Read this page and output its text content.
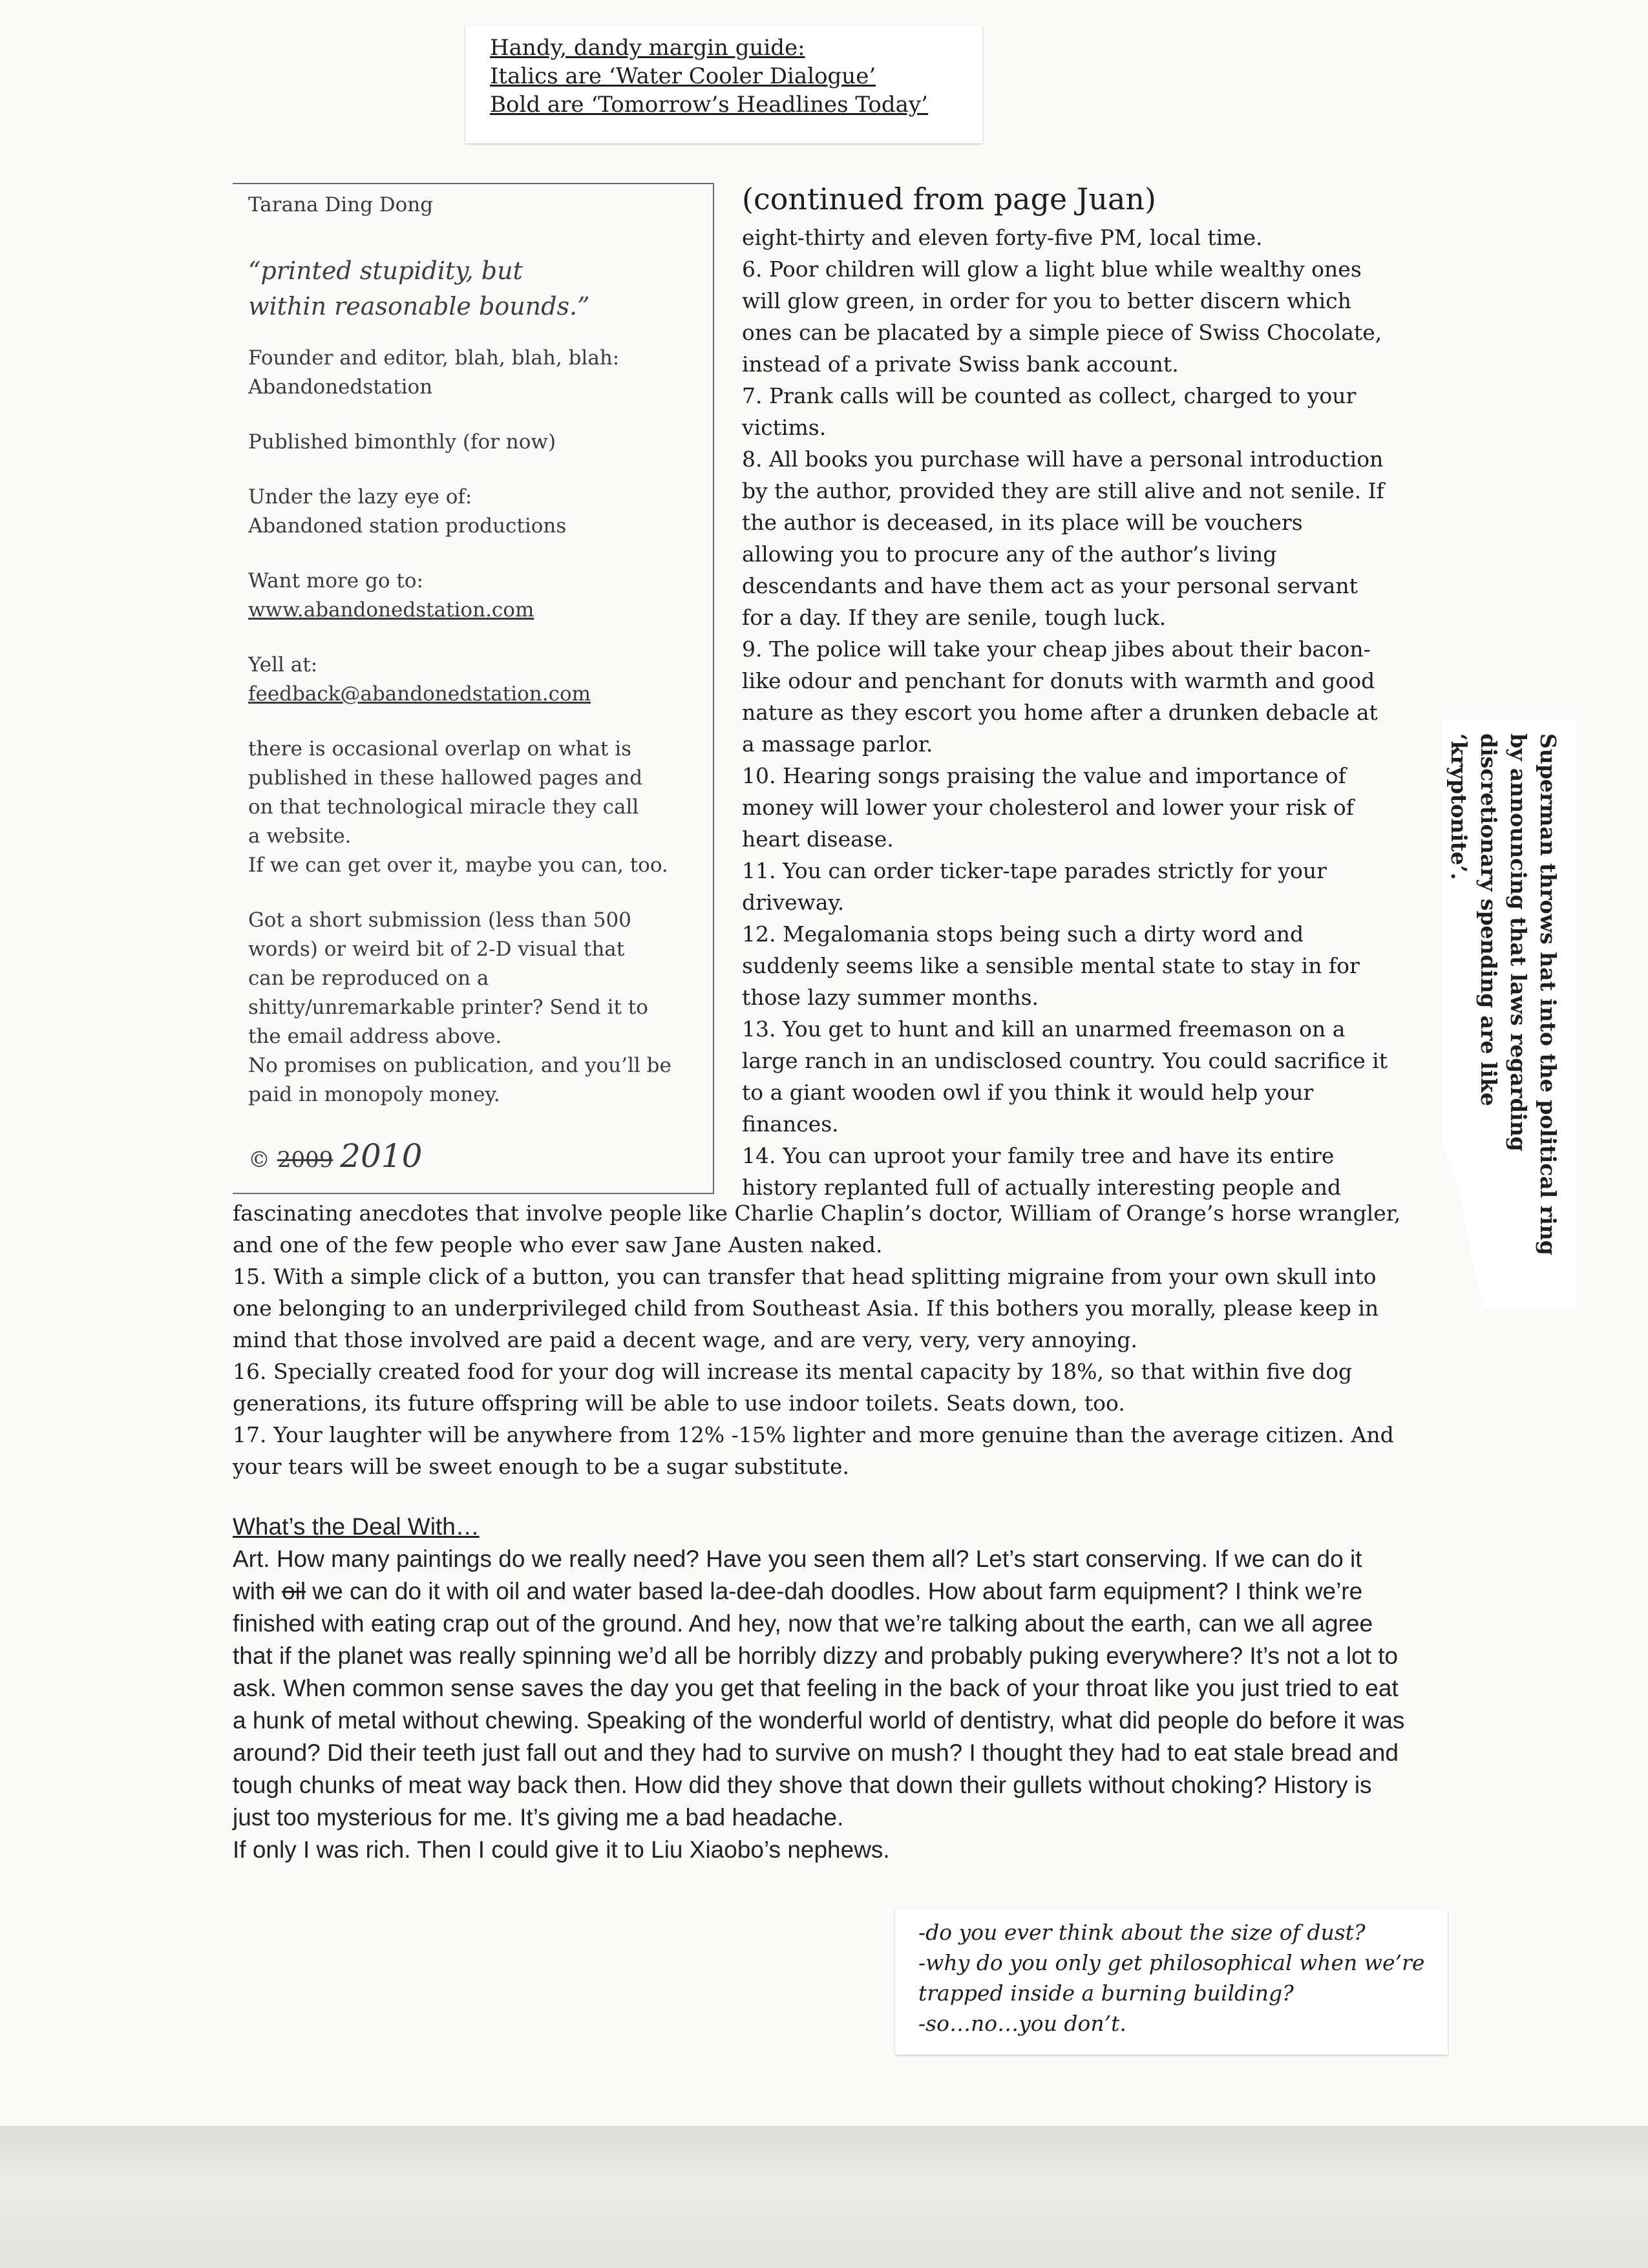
Handy, dandy margin guide:
Italics are ‘Water Cooler Dialogue’
Bold are ‘Tomorrow’s Headlines Today’
Tarana Ding Dong
“printed stupidity, but
within reasonable bounds.”
Founder and editor, blah, blah, blah:
Abandonedstation
Published bimonthly (for now)
Under the lazy eye of:
Abandoned station productions
Want more go to:
www.abandonedstation.com
Yell at:
feedback@abandonedstation.com
there is occasional overlap on what is
published in these hallowed pages and
on that technological miracle they call
a website.
If we can get over it, maybe you can, too.
Got a short submission (less than 500
words) or weird bit of 2-D visual that
can be reproduced on a
shitty/unremarkable printer? Send it to
the email address above.
No promises on publication, and you’ll be
paid in monopoly money.
© 2009 2010
(continued from page Juan)

eight-thirty and eleven forty-five PM, local time.

6. Poor children will glow a light blue while wealthy ones will glow green, in order for you to better discern which ones can be placated by a simple piece of Swiss Chocolate, instead of a private Swiss bank account.

7. Prank calls will be counted as collect, charged to your victims.

8. All books you purchase will have a personal introduction by the author, provided they are still alive and not senile. If the author is deceased, in its place will be vouchers allowing you to procure any of the author’s living descendants and have them act as your personal servant for a day. If they are senile, tough luck.

9. The police will take your cheap jibes about their bacon-like odour and penchant for donuts with warmth and good nature as they escort you home after a drunken debacle at a massage parlor.

10. Hearing songs praising the value and importance of money will lower your cholesterol and lower your risk of heart disease.

11. You can order ticker-tape parades strictly for your driveway.

12. Megalomania stops being such a dirty word and suddenly seems like a sensible mental state to stay in for those lazy summer months.

13. You get to hunt and kill an unarmed freemason on a large ranch in an undisclosed country. You could sacrifice it to a giant wooden owl if you think it would help your finances.

14. You can uproot your family tree and have its entire history replanted full of actually interesting people and

fascinating anecdotes that involve people like Charlie Chaplin’s doctor, William of Orange’s horse wrangler, and one of the few people who ever saw Jane Austen naked.

15. With a simple click of a button, you can transfer that head splitting migraine from your own skull into one belonging to an underprivileged child from Southeast Asia. If this bothers you morally, please keep in mind that those involved are paid a decent wage, and are very, very, very annoying.

16. Specially created food for your dog will increase its mental capacity by 18%, so that within five dog generations, its future offspring will be able to use indoor toilets. Seats down, too.

17. Your laughter will be anywhere from 12% -15% lighter and more genuine than the average citizen. And your tears will be sweet enough to be a sugar substitute.

What’s the Deal With…

Art. How many paintings do we really need? Have you seen them all? Let’s start conserving. If we can do it with oil we can do it with oil and water based la-dee-dah doodles. How about farm equipment? I think we’re finished with eating crap out of the ground. And hey, now that we’re talking about the earth, can we all agree that if the planet was really spinning we’d all be horribly dizzy and probably puking everywhere? It’s not a lot to ask. When common sense saves the day you get that feeling in the back of your throat like you just tried to eat a hunk of metal without chewing. Speaking of the wonderful world of dentistry, what did people do before it was around? Did their teeth just fall out and they had to survive on mush? I thought they had to eat stale bread and tough chunks of meat way back then. How did they shove that down their gullets without choking? History is just too mysterious for me. It’s giving me a bad headache.

If only I was rich. Then I could give it to Liu Xiaobo’s nephews.

Superman throws hat into the political ring
by announcing that laws regarding
discretionary spending are like
‘kryptonite’.
-do you ever think about the size of dust?
-why do you only get philosophical when we’re
trapped inside a burning building?
-so…no…you don’t.
